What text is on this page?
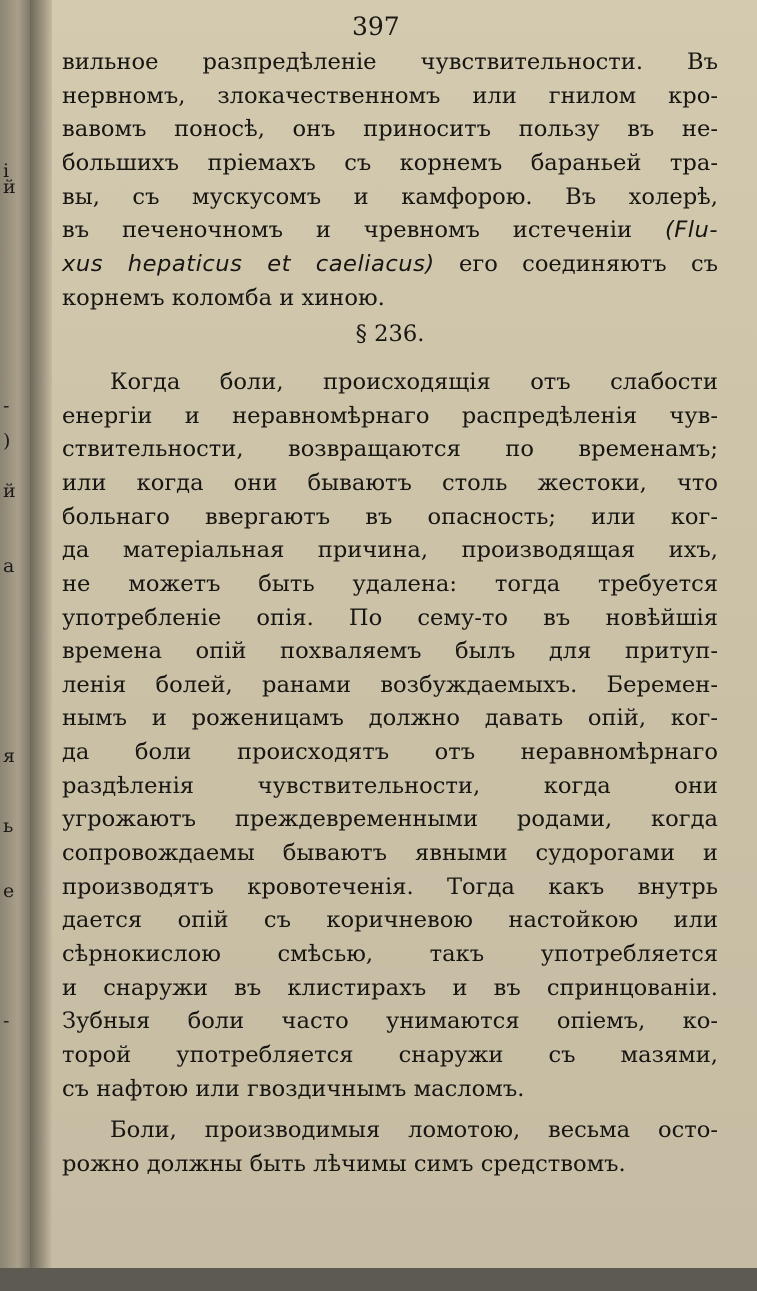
i
й
-
)
й
а
я
ь
е
-

397

вильное разпредѣленіе чувствительности. Въ
нервномъ, злокачественномъ или гнилом кро-
вавомъ поносѣ, онъ приноситъ пользу въ не-
большихъ пріемахъ съ корнемъ бараньей тра-
вы, съ мускусомъ и камфорою. Въ холерѣ,
въ печеночномъ и чревномъ истеченіи (Flu-
xus hepaticus et caeliacus) его соединяютъ съ
корнемъ коломба и хиною.
§ 236.
Когда боли, происходящія отъ слабости
енергіи и неравномѣрнаго распредѣленія чув-
ствительности, возвращаются по временамъ;
или когда они бываютъ столь жестоки, что
больнаго ввергаютъ въ опасность; или ког-
да матеріальная причина, производящая ихъ,
не можетъ быть удалена: тогда требуется
употребленіе опія. По сему-то въ новѣйшія
времена опій похваляемъ былъ для притуп-
ленія болей, ранами возбуждаемыхъ. Беремен-
нымъ и роженицамъ должно давать опій, ког-
да боли происходятъ отъ неравномѣрнаго
раздѣленія чувствительности, когда они
угрожаютъ преждевременными родами, когда
сопровождаемы бываютъ явными судорогами и
производятъ кровотеченія. Тогда какъ внутрь
дается опій съ коричневою настойкою или
сѣрнокислою смѣсью, такъ употребляется
и снаружи въ клистирахъ и въ спринцованіи.
Зубныя боли часто унимаются опіемъ, ко-
торой употребляется снаружи съ мазями,
съ нафтою или гвоздичнымъ масломъ.
Боли, производимыя ломотою, весьма осто-
рожно должны быть лѣчимы симъ средствомъ.
